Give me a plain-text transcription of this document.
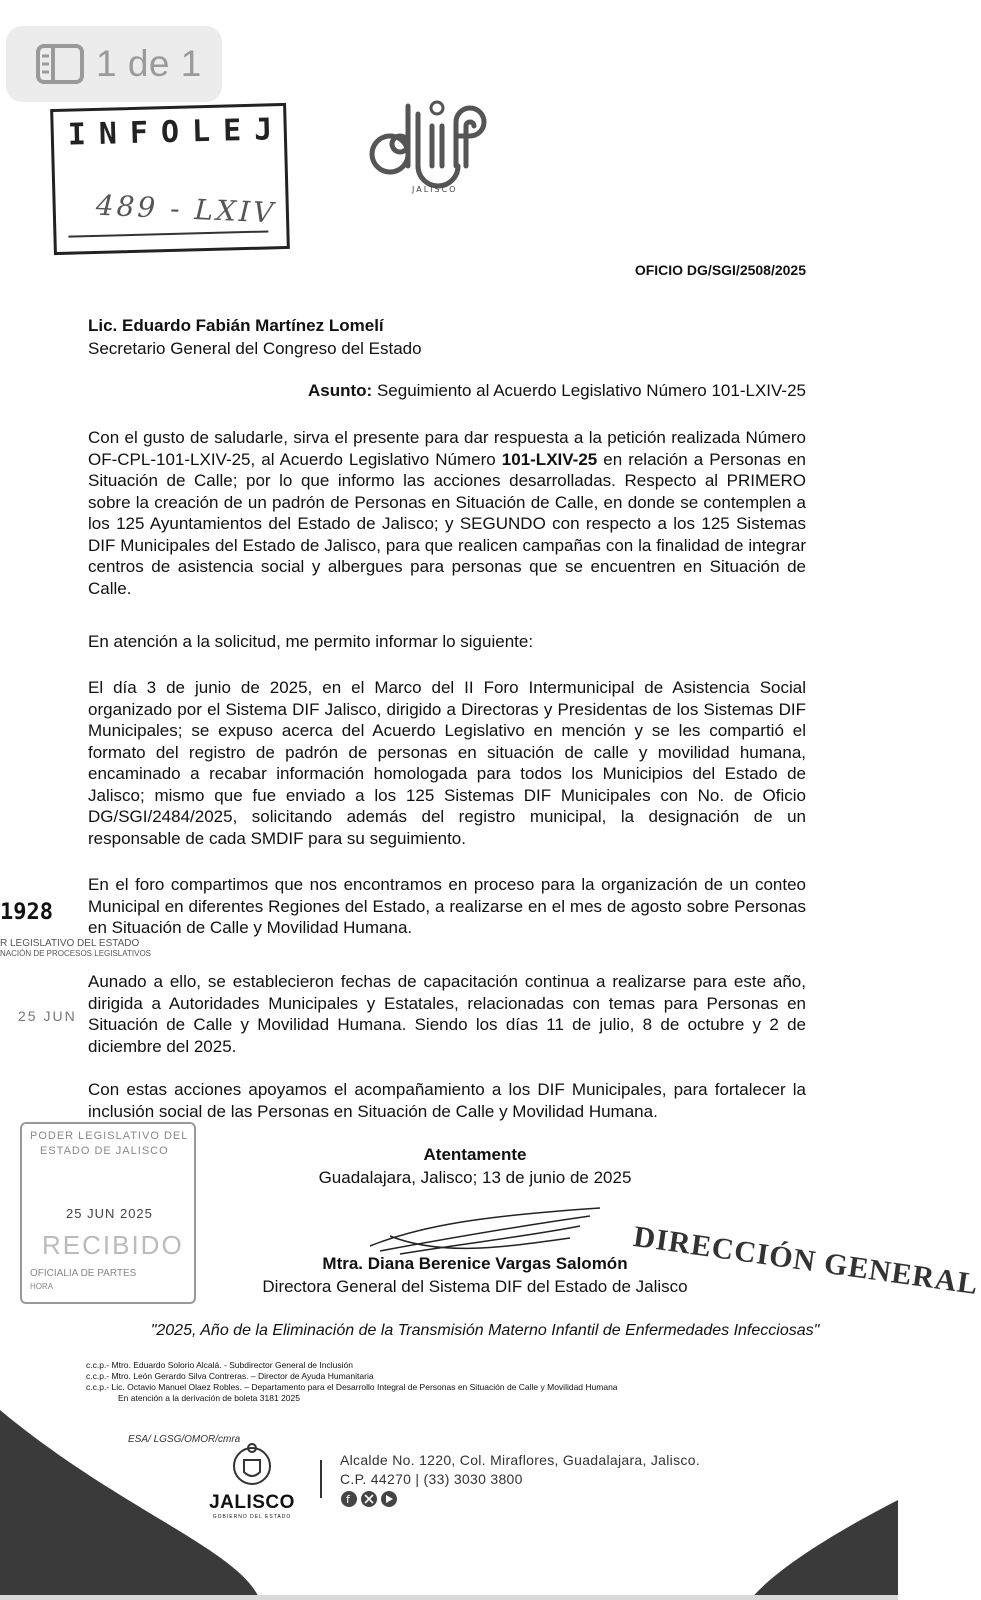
1 de 1
INFOLEJ
489 - LXIV	JALISCO
OFICIO DG/SGI/2508/2025
Lic. Eduardo Fabián Martínez Lomelí
Secretario General del Congreso del Estado
Asunto: Seguimiento al Acuerdo Legislativo Número 101-LXIV-25
Con el gusto de saludarle, sirva el presente para dar respuesta a la petición realizada Número OF-CPL-101-LXIV-25, al Acuerdo Legislativo Número 101-LXIV-25 en relación a Personas en Situación de Calle; por lo que informo las acciones desarrolladas. Respecto al PRIMERO sobre la creación de un padrón de Personas en Situación de Calle, en donde se contemplen a los 125 Ayuntamientos del Estado de Jalisco; y SEGUNDO con respecto a los 125 Sistemas DIF Municipales del Estado de Jalisco, para que realicen campañas con la finalidad de integrar centros de asistencia social y albergues para personas que se encuentren en Situación de Calle.
En atención a la solicitud, me permito informar lo siguiente:
El día 3 de junio de 2025, en el Marco del II Foro Intermunicipal de Asistencia Social organizado por el Sistema DIF Jalisco, dirigido a Directoras y Presidentas de los Sistemas DIF Municipales; se expuso acerca del Acuerdo Legislativo en mención y se les compartió el formato del registro de padrón de personas en situación de calle y movilidad humana, encaminado a recabar información homologada para todos los Municipios del Estado de Jalisco; mismo que fue enviado a los 125 Sistemas DIF Municipales con No. de Oficio DG/SGI/2484/2025, solicitando además del registro municipal, la designación de un responsable de cada SMDIF para su seguimiento.
En el foro compartimos que nos encontramos en proceso para la organización de un conteo Municipal en diferentes Regiones del Estado, a realizarse en el mes de agosto sobre Personas en Situación de Calle y Movilidad Humana.
Aunado a ello, se establecieron fechas de capacitación continua a realizarse para este año, dirigida a Autoridades Municipales y Estatales, relacionadas con temas para Personas en Situación de Calle y Movilidad Humana. Siendo los días 11 de julio, 8 de octubre y 2 de diciembre del 2025.
Con estas acciones apoyamos el acompañamiento a los DIF Municipales, para fortalecer la inclusión social de las Personas en Situación de Calle y Movilidad Humana.
Atentamente
Guadalajara, Jalisco; 13 de junio de 2025
Mtra. Diana Berenice Vargas Salomón
Directora General del Sistema DIF del Estado de Jalisco
DIRECCIÓN GENERAL
"2025, Año de la Eliminación de la Transmisión Materno Infantil de Enfermedades Infecciosas"
c.c.p.- Mtro. Eduardo Solorio Alcalá. - Subdirector General de Inclusión
c.c.p.- Mtro. León Gerardo Silva Contreras. – Director de Ayuda Humanitaria
c.c.p.- Lic. Octavio Manuel Olaez Robles. – Departamento para el Desarrollo Integral de Personas en Situación de Calle y Movilidad Humana
En atención a la derivación de boleta 3181 2025
ESA/ LGSG/OMOR/cmra
1928
R LEGISLATIVO DEL ESTADO
NACIÓN DE PROCESOS LEGISLATIVOS
25 JUN
PODER LEGISLATIVO DEL
ESTADO DE JALISCO
25 JUN 2025
RECIBIDO
OFICIALIA DE PARTES
HORA
JALISCO
GOBIERNO DEL ESTADO
Alcalde No. 1220, Col. Miraflores, Guadalajara, Jalisco.
C.P. 44270 | (33) 3030 3800
f
